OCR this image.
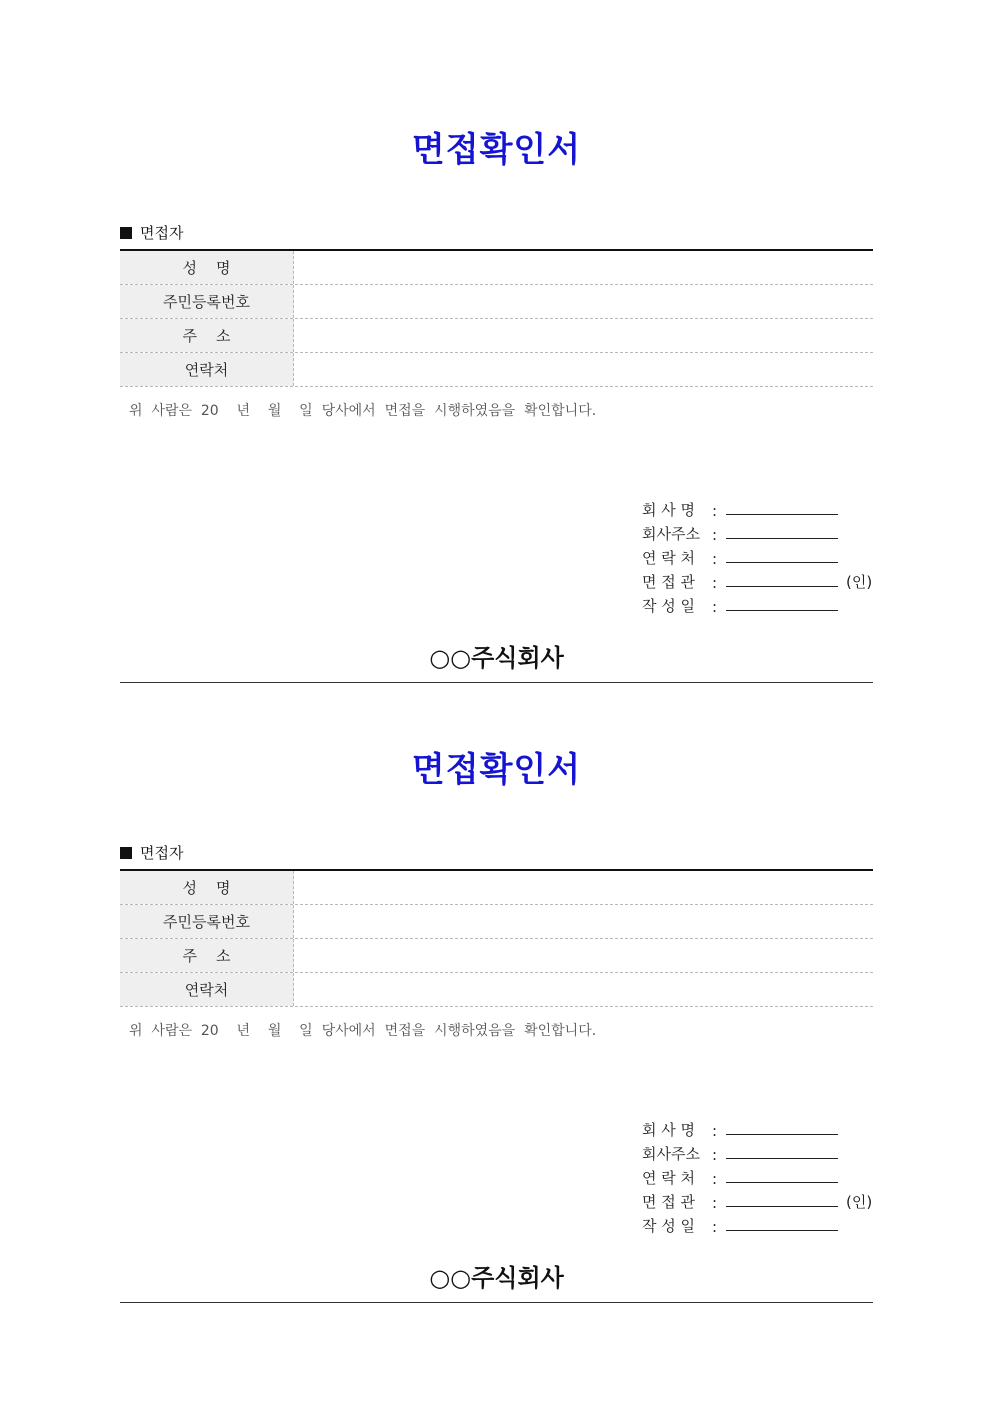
면접확인서
면접자
성    명
주민등록번호
주    소
연락처
위  사람은  20    년    월    일  당사에서  면접을  시행하였음을  확인합니다.
회 사 명	:
회사주소 :
연 락 처	:
면 접 관	:	(인)
작 성 일	:
○○주식회사
면접확인서
면접자
성    명
주민등록번호
주    소
연락처
위  사람은  20    년    월    일  당사에서  면접을  시행하였음을  확인합니다.
회 사 명	:
회사주소 :
연 락 처	:
면 접 관	:	(인)
작 성 일	:
○○주식회사
